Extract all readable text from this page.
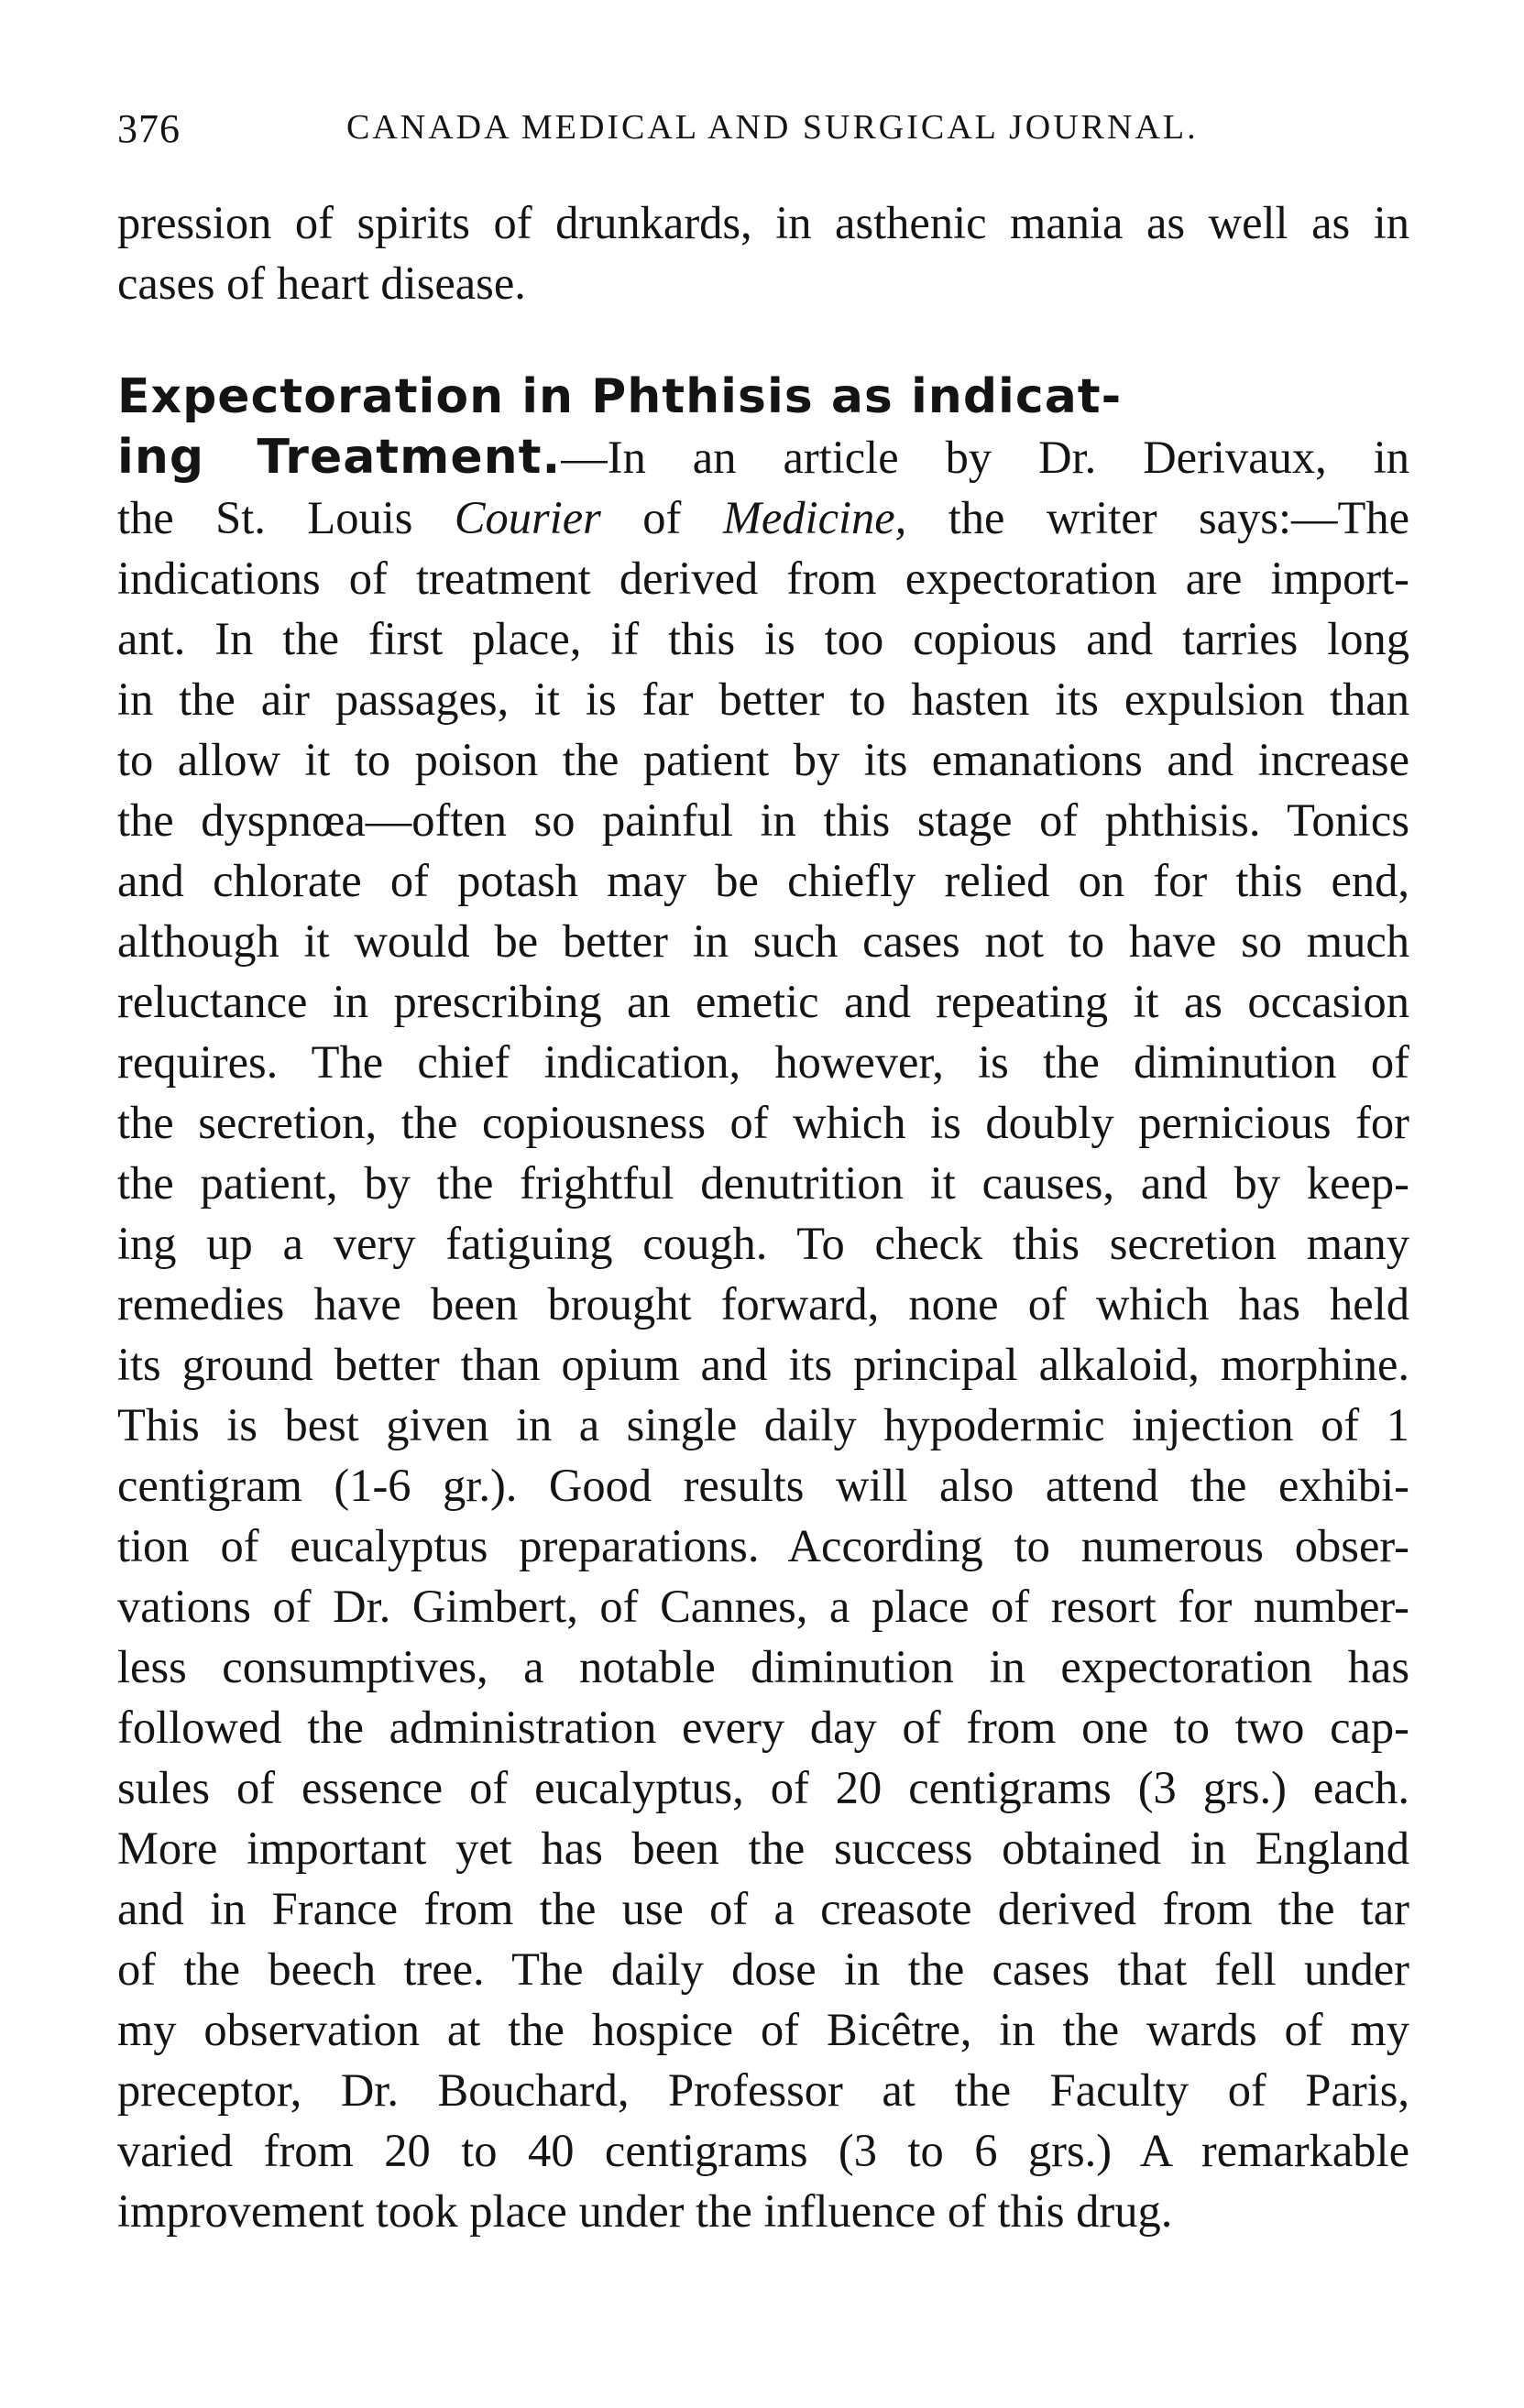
376	CANADA MEDICAL AND SURGICAL JOURNAL.
pression of spirits of drunkards, in asthenic mania as well as in
cases of heart disease.
Expectoration in Phthisis as indicat-
ing Treatment.—In an article by Dr. Derivaux, in
the St. Louis Courier of Medicine, the writer says:—The
indications of treatment derived from expectoration are import-
ant. In the first place, if this is too copious and tarries long
in the air passages, it is far better to hasten its expulsion than
to allow it to poison the patient by its emanations and increase
the dyspnœa—often so painful in this stage of phthisis. Tonics
and chlorate of potash may be chiefly relied on for this end,
although it would be better in such cases not to have so much
reluctance in prescribing an emetic and repeating it as occasion
requires. The chief indication, however, is the diminution of
the secretion, the copiousness of which is doubly pernicious for
the patient, by the frightful denutrition it causes, and by keep-
ing up a very fatiguing cough. To check this secretion many
remedies have been brought forward, none of which has held
its ground better than opium and its principal alkaloid, morphine.
This is best given in a single daily hypodermic injection of 1
centigram (1-6 gr.). Good results will also attend the exhibi-
tion of eucalyptus preparations. According to numerous obser-
vations of Dr. Gimbert, of Cannes, a place of resort for number-
less consumptives, a notable diminution in expectoration has
followed the administration every day of from one to two cap-
sules of essence of eucalyptus, of 20 centigrams (3 grs.) each.
More important yet has been the success obtained in England
and in France from the use of a creasote derived from the tar
of the beech tree. The daily dose in the cases that fell under
my observation at the hospice of Bicêtre, in the wards of my
preceptor, Dr. Bouchard, Professor at the Faculty of Paris,
varied from 20 to 40 centigrams (3 to 6 grs.) A remarkable
improvement took place under the influence of this drug.
